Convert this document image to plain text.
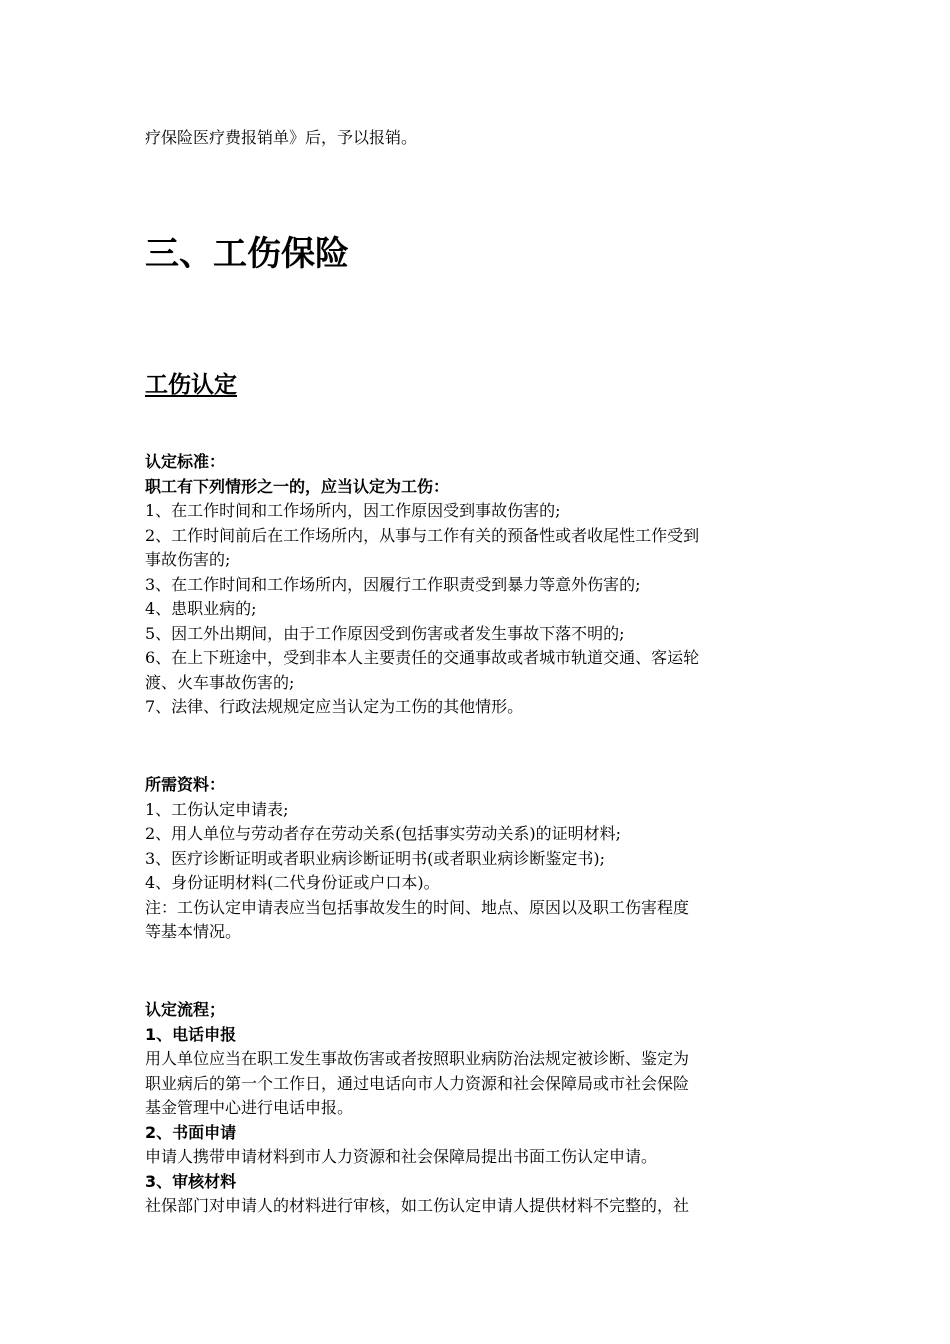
疗保险医疗费报销单》后，予以报销。

三、工伤保险
工伤认定

认定标准：

职工有下列情形之一的，应当认定为工伤：

1、在工作时间和工作场所内，因工作原因受到事故伤害的;

2、工作时间前后在工作场所内，从事与工作有关的预备性或者收尾性工作受到

事故伤害的;

3、在工作时间和工作场所内，因履行工作职责受到暴力等意外伤害的;

4、患职业病的;

5、因工外出期间，由于工作原因受到伤害或者发生事故下落不明的;

6、在上下班途中，受到非本人主要责任的交通事故或者城市轨道交通、客运轮

渡、火车事故伤害的;

7、法律、行政法规规定应当认定为工伤的其他情形。

所需资料：

1、工伤认定申请表;

2、用人单位与劳动者存在劳动关系(包括事实劳动关系)的证明材料;

3、医疗诊断证明或者职业病诊断证明书(或者职业病诊断鉴定书);

4、身份证明材料(二代身份证或户口本)。

注：工伤认定申请表应当包括事故发生的时间、地点、原因以及职工伤害程度

等基本情况。

认定流程；

1、电话申报

用人单位应当在职工发生事故伤害或者按照职业病防治法规定被诊断、鉴定为

职业病后的第一个工作日，通过电话向市人力资源和社会保障局或市社会保险

基金管理中心进行电话申报。

2、书面申请

申请人携带申请材料到市人力资源和社会保障局提出书面工伤认定申请。

3、审核材料

社保部门对申请人的材料进行审核，如工伤认定申请人提供材料不完整的，社
